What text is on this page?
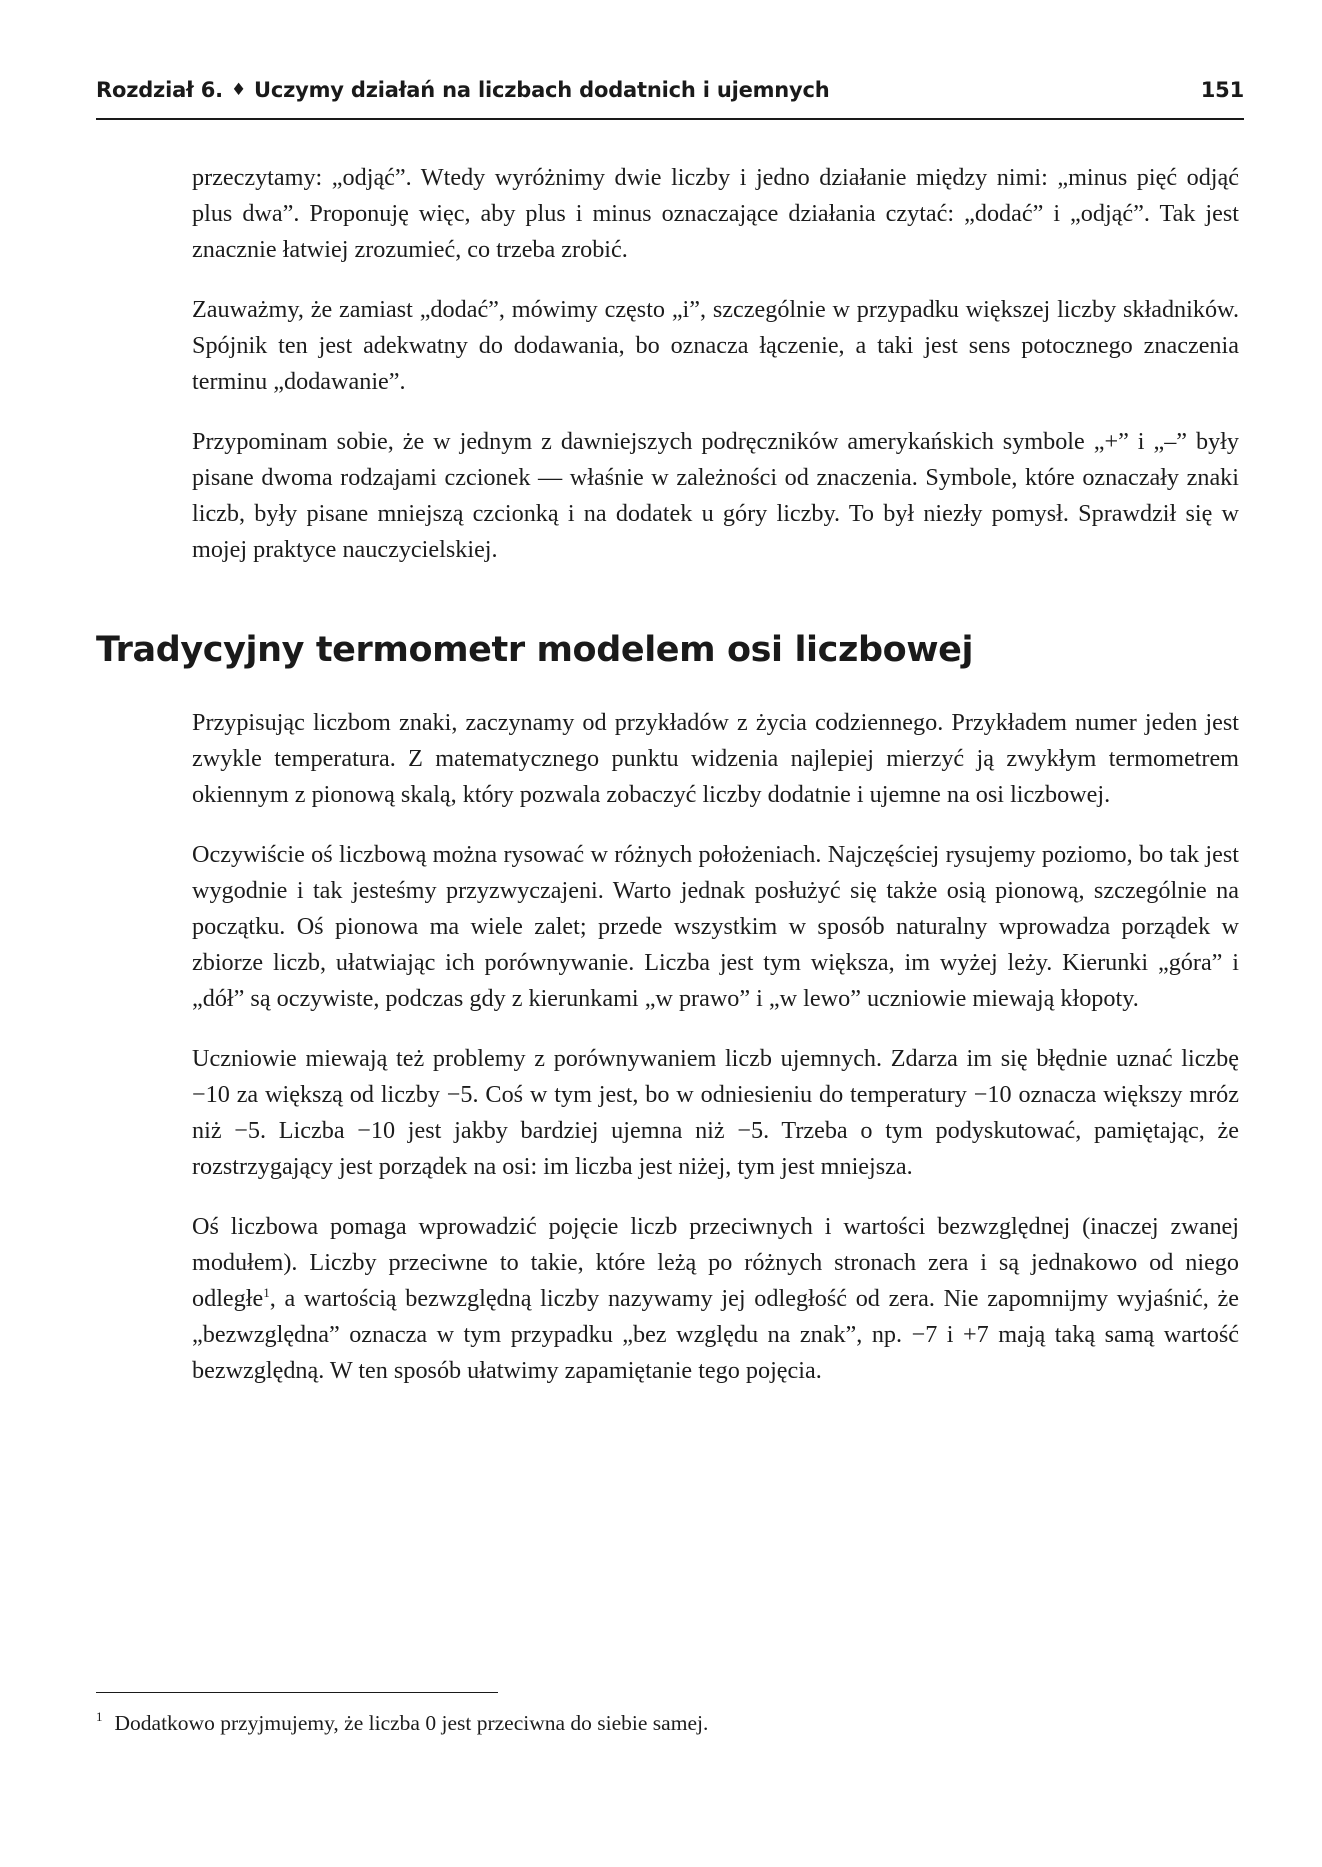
Rozdział 6. ♦ Uczymy działań na liczbach dodatnich i ujemnych	151

przeczytamy: „odjąć”. Wtedy wyróżnimy dwie liczby i jedno działanie między nimi: „minus pięć odjąć plus dwa”. Proponuję więc, aby plus i minus oznaczające działania czytać: „dodać” i „odjąć”. Tak jest znacznie łatwiej zrozumieć, co trzeba zrobić.

Zauważmy, że zamiast „dodać”, mówimy często „i”, szczególnie w przypadku większej liczby składników. Spójnik ten jest adekwatny do dodawania, bo oznacza łączenie, a taki jest sens potocznego znaczenia terminu „dodawanie”.

Przypominam sobie, że w jednym z dawniejszych podręczników amerykańskich symbole „+” i „–” były pisane dwoma rodzajami czcionek — właśnie w zależności od znaczenia. Symbole, które oznaczały znaki liczb, były pisane mniejszą czcionką i na dodatek u góry liczby. To był niezły pomysł. Sprawdził się w mojej praktyce nauczycielskiej.

Tradycyjny termometr modelem osi liczbowej

Przypisując liczbom znaki, zaczynamy od przykładów z życia codziennego. Przykładem numer jeden jest zwykle temperatura. Z matematycznego punktu widzenia najlepiej mierzyć ją zwykłym termometrem okiennym z pionową skalą, który pozwala zobaczyć liczby dodatnie i ujemne na osi liczbowej.

Oczywiście oś liczbową można rysować w różnych położeniach. Najczęściej rysujemy poziomo, bo tak jest wygodnie i tak jesteśmy przyzwyczajeni. Warto jednak posłużyć się także osią pionową, szczególnie na początku. Oś pionowa ma wiele zalet; przede wszystkim w sposób naturalny wprowadza porządek w zbiorze liczb, ułatwiając ich porównywanie. Liczba jest tym większa, im wyżej leży. Kierunki „góra” i „dół” są oczywiste, podczas gdy z kierunkami „w prawo” i „w lewo” uczniowie miewają kłopoty.

Uczniowie miewają też problemy z porównywaniem liczb ujemnych. Zdarza im się błędnie uznać liczbę −10 za większą od liczby −5. Coś w tym jest, bo w odniesieniu do temperatury −10 oznacza większy mróz niż −5. Liczba −10 jest jakby bardziej ujemna niż −5. Trzeba o tym podyskutować, pamiętając, że rozstrzygający jest porządek na osi: im liczba jest niżej, tym jest mniejsza.

Oś liczbowa pomaga wprowadzić pojęcie liczb przeciwnych i wartości bezwzględnej (inaczej zwanej modułem). Liczby przeciwne to takie, które leżą po różnych stronach zera i są jednakowo od niego odległe$^1$, a wartością bezwzględną liczby nazywamy jej odległość od zera. Nie zapomnijmy wyjaśnić, że „bezwzględna” oznacza w tym przypadku „bez względu na znak”, np. −7 i +7 mają taką samą wartość bezwzględną. W ten sposób ułatwimy zapamiętanie tego pojęcia.

1 Dodatkowo przyjmujemy, że liczba 0 jest przeciwna do siebie samej.
